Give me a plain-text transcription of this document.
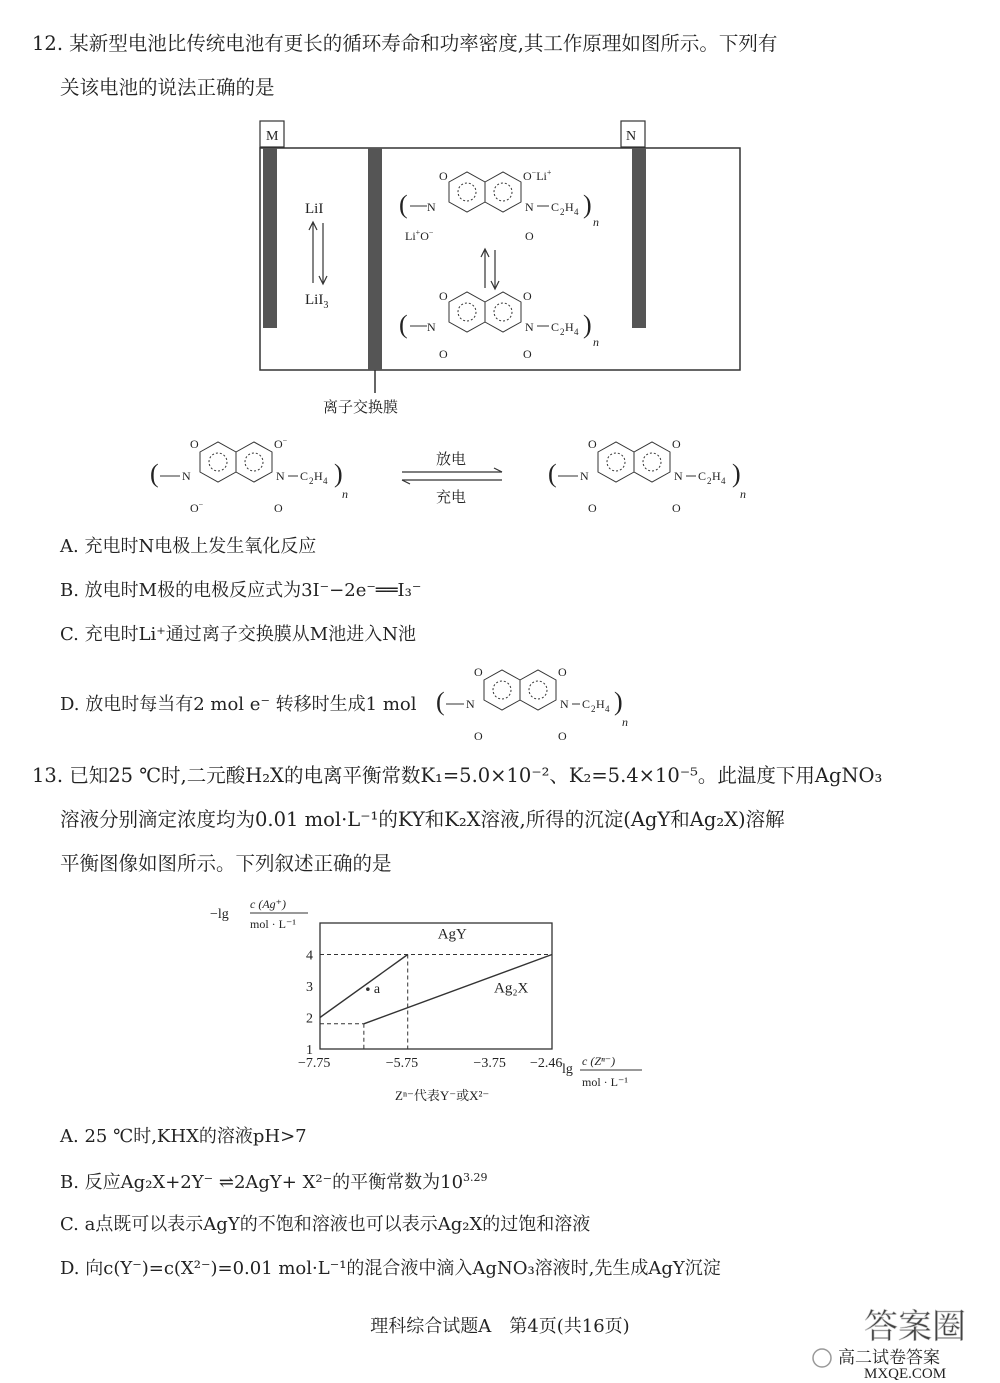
12. 某新型电池比传统电池有更长的循环寿命和功率密度,其工作原理如图所示。下列有
关该电池的说法正确的是
M	N
LiI
LiI$_3$
( N	N C 2 H 4 )
n
O	O−Li+
Li+O−	O
( N	N C 2 H 4 )
n
O	O
O	O
离子交换膜
( N	N C 2 H 4 )
n
O	O−
O−	O
放电
充电
( N	N C 2 H 4 )
n
O	O
O	O
A. 充电时N电极上发生氧化反应
B. 放电时M极的电极反应式为3I⁻−2e⁻══I₃⁻
C. 充电时Li⁺通过离子交换膜从M池进入N池
D. 放电时每当有2 mol e⁻ 转移时生成1 mol ( N	N C 2 H 4 )
n
O	O
O	O
13. 已知25 ℃时,二元酸H₂X的电离平衡常数K₁=5.0×10⁻²、K₂=5.4×10⁻⁵。此温度下用AgNO₃
溶液分别滴定浓度均为0.01 mol·L⁻¹的KY和K₂X溶液,所得的沉淀(AgY和Ag₂X)溶解
平衡图像如图所示。下列叙述正确的是
−lg
c (Ag⁺)
mol · L⁻¹
1
2
3
4
−7.75	−5.75	−3.75 −2.46
AgY
Ag₂X
a
lg
c (Zⁿ⁻)
mol · L⁻¹
Zⁿ⁻代表Y⁻或X²⁻
A. 25 ℃时,KHX的溶液pH>7
B. 反应Ag₂X+2Y⁻ ⇌2AgY+ X²⁻的平衡常数为$10^{3.29}$
C. a点既可以表示AgY的不饱和溶液也可以表示Ag₂X的过饱和溶液
D. 向c(Y⁻)=c(X²⁻)=0.01 mol·L⁻¹的混合液中滴入AgNO₃溶液时,先生成AgY沉淀
理科综合试题A　第4页(共16页)	答案圈
高二试卷答案
MXQE.COM
